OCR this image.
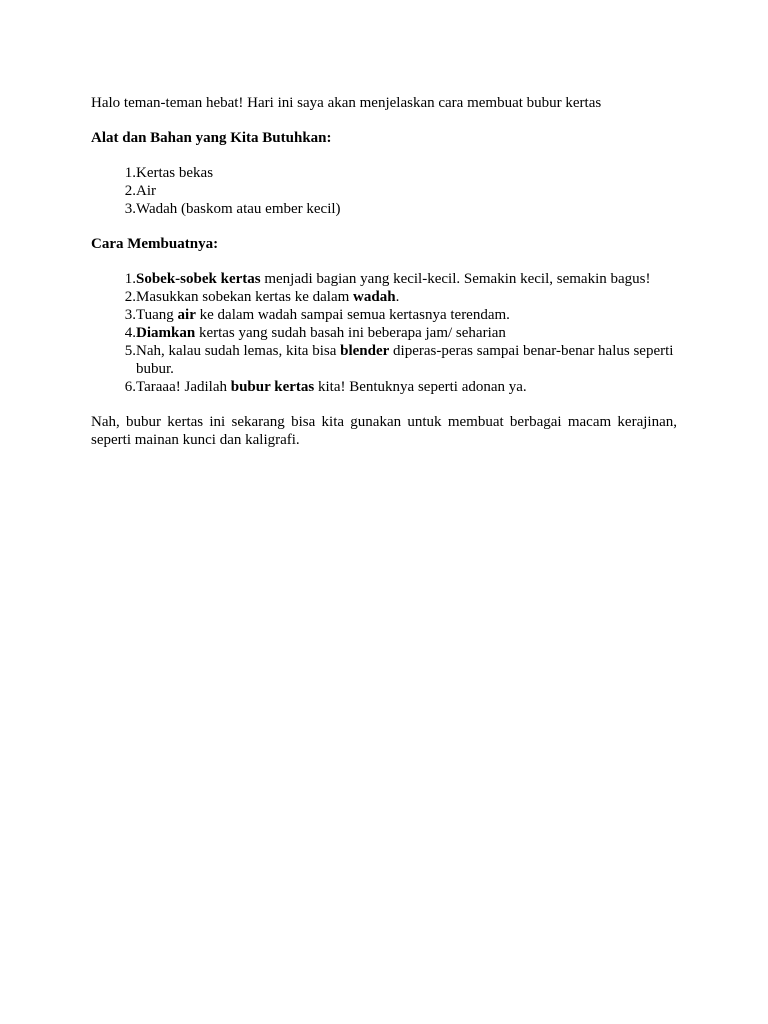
Halo teman-teman hebat! Hari ini saya akan menjelaskan cara membuat bubur kertas

Alat dan Bahan yang Kita Butuhkan:

1. Kertas bekas
2. Air
3. Wadah (baskom atau ember kecil)

Cara Membuatnya:

1. Sobek-sobek kertas menjadi bagian yang kecil-kecil. Semakin kecil, semakin bagus!
2. Masukkan sobekan kertas ke dalam wadah.
3. Tuang air ke dalam wadah sampai semua kertasnya terendam.
4. Diamkan kertas yang sudah basah ini beberapa jam/ seharian
5. Nah, kalau sudah lemas, kita bisa blender diperas-peras sampai benar-benar halus seperti bubur.
6. Taraaa! Jadilah bubur kertas kita! Bentuknya seperti adonan ya.

Nah, bubur kertas ini sekarang bisa kita gunakan untuk membuat berbagai macam kerajinan, seperti mainan kunci dan kaligrafi.
